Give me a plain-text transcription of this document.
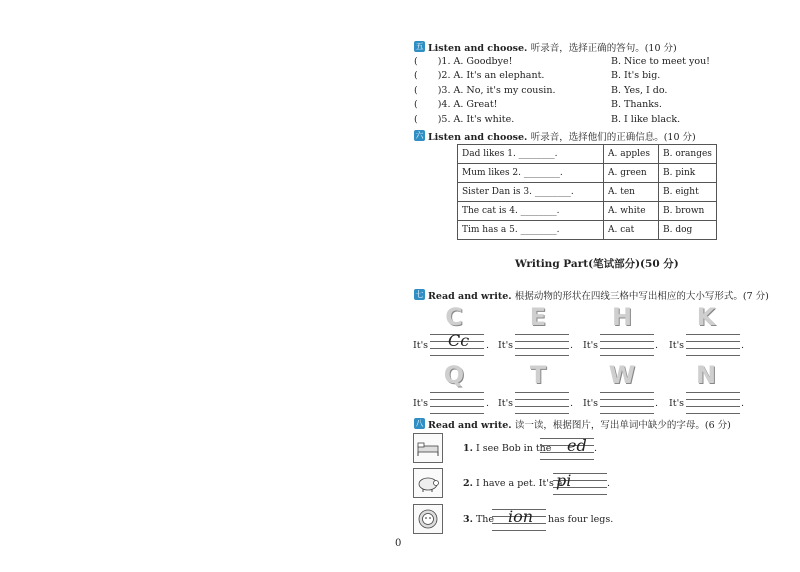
五 Listen and choose. 听录音，选择正确的答句。(10 分)
( )1. A. Goodbye!	B. Nice to meet you!
( )2. A. It's an elephant.	B. It's big.
( )3. A. No, it's my cousin.	B. Yes, I do.
( )4. A. Great!	B. Thanks.
( )5. A. It's white.	B. I like black.
六 Listen and choose. 听录音，选择他们的正确信息。(10 分)
Dad likes 1. ________.	A. apples	B. oranges
Mum likes 2. ________.	A. green	B. pink
Sister Dan is 3. ________.	A. ten	B. eight
The cat is 4. ________.	A. white	B. brown
Tim has a 5. ________.	A. cat	B. dog
Writing Part(笔试部分)(50 分)
七 Read and write. 根据动物的形状在四线三格中写出相应的大小写形式。(7 分)
C	E	H	K
It's Cc . It's	. It's	. It's	.
Q	T	W	N
It's	. It's	. It's	. It's	.
八 Read and write. 读一读，根据图片，写出单词中缺少的字母。(6 分)
1. I see Bob in the ed .
2. I have a pet. It's a
pi	.
3. The ion has four legs.
0
